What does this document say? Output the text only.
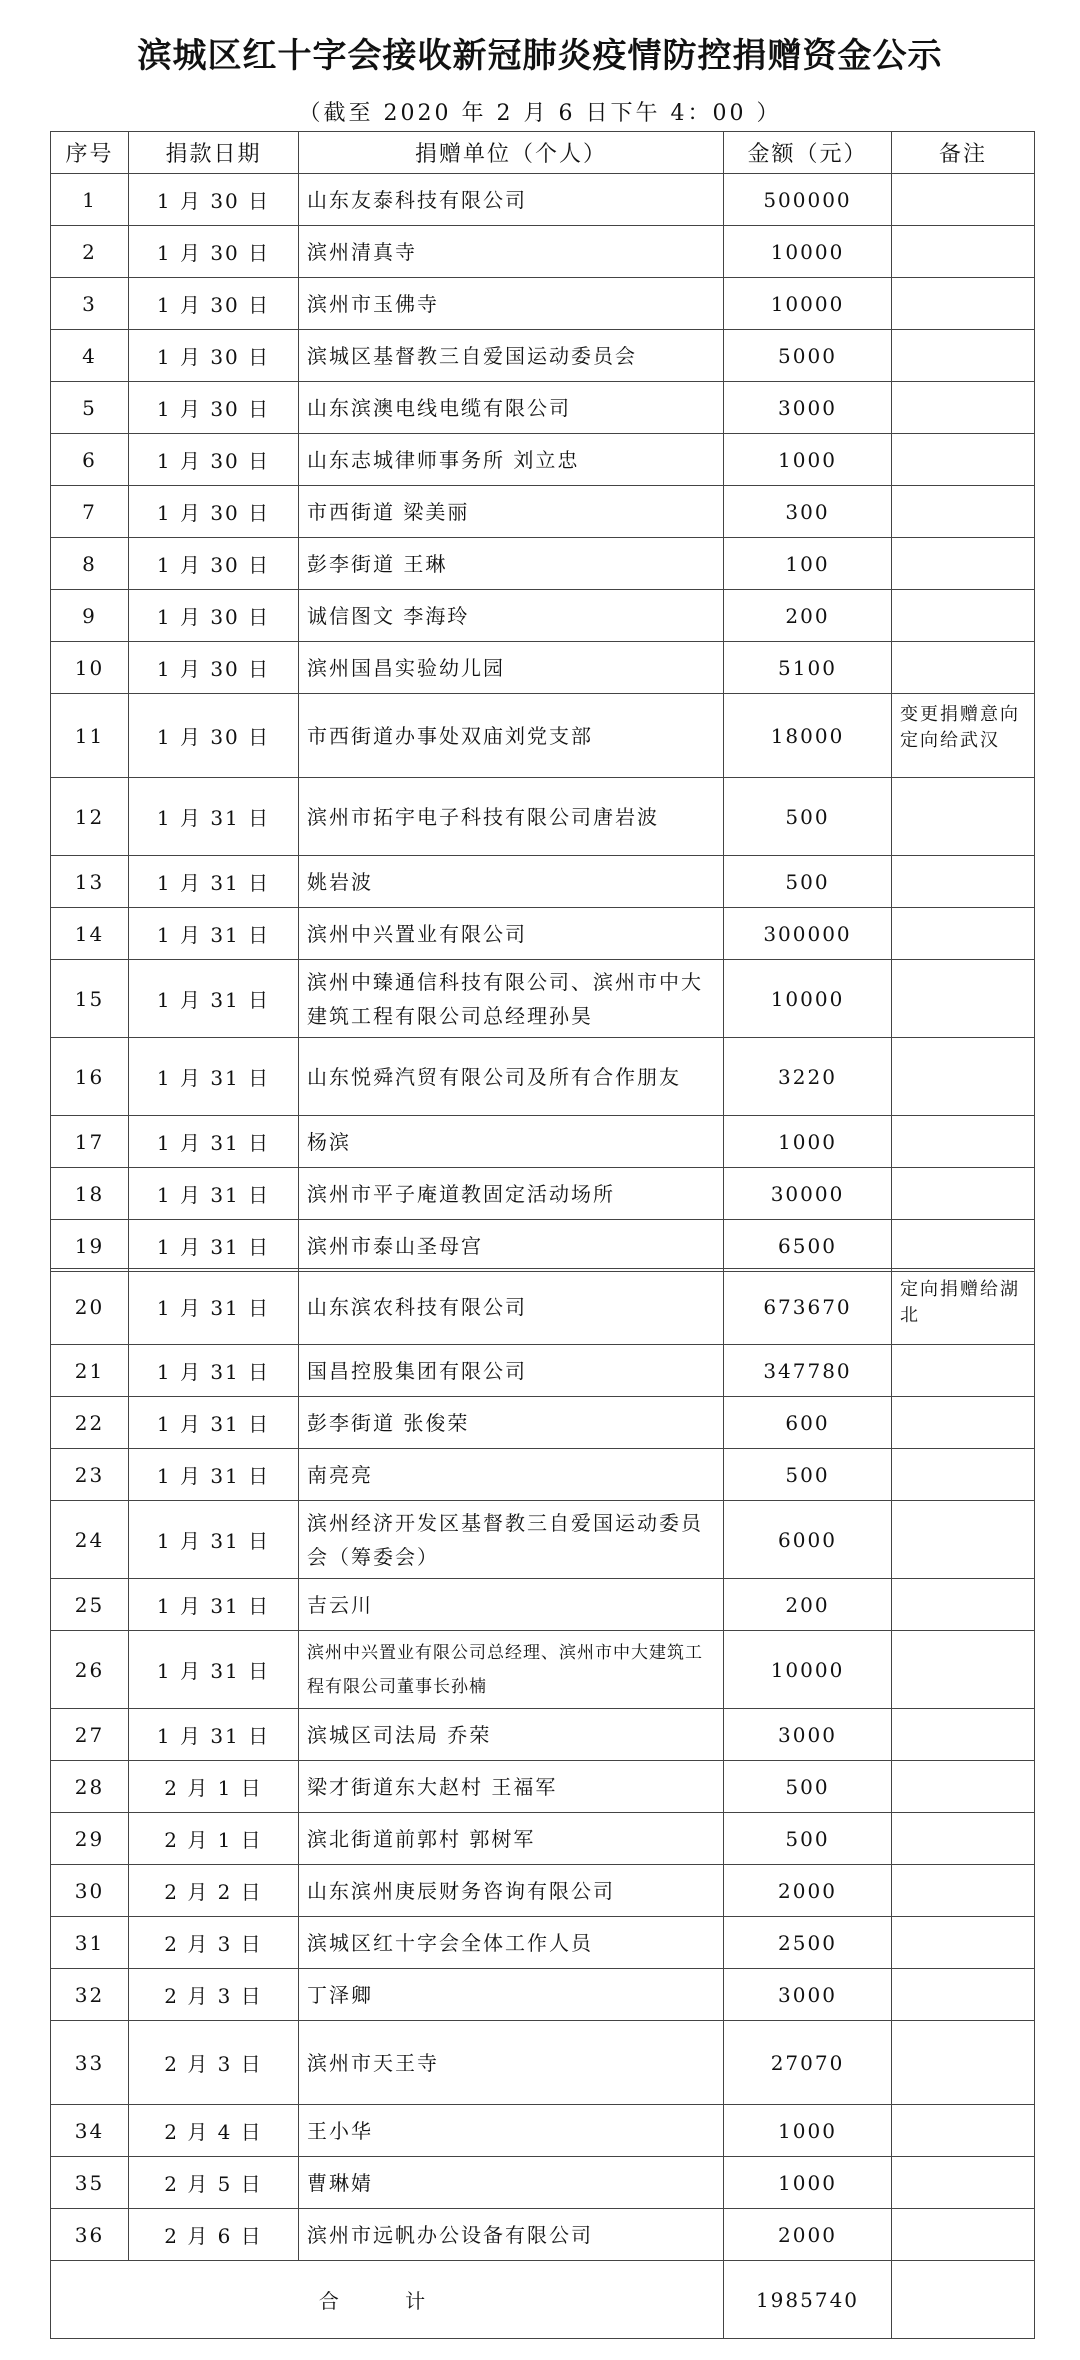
滨城区红十字会接收新冠肺炎疫情防控捐赠资金公示
（截至 2020 年 2 月 6 日下午 4：00 ）
序号	捐款日期	捐赠单位（个人）	金额（元）	备注
1	1 月 30 日	山东友泰科技有限公司	500000	
2	1 月 30 日	滨州清真寺	10000	
3	1 月 30 日	滨州市玉佛寺	10000	
4	1 月 30 日	滨城区基督教三自爱国运动委员会	5000	
5	1 月 30 日	山东滨澳电线电缆有限公司	3000	
6	1 月 30 日	山东志城律师事务所 刘立忠	1000	
7	1 月 30 日	市西街道 梁美丽	300	
8	1 月 30 日	彭李街道 王琳	100	
9	1 月 30 日	诚信图文 李海玲	200	
10	1 月 30 日	滨州国昌实验幼儿园	5100	
11	1 月 30 日	市西街道办事处双庙刘党支部	18000	变更捐赠意向定向给武汉
12	1 月 31 日	滨州市拓宇电子科技有限公司唐岩波	500	
13	1 月 31 日	姚岩波	500	
14	1 月 31 日	滨州中兴置业有限公司	300000	
15	1 月 31 日	滨州中臻通信科技有限公司、滨州市中大建筑工程有限公司总经理孙昊	10000	
16	1 月 31 日	山东悦舜汽贸有限公司及所有合作朋友	3220	
17	1 月 31 日	杨滨	1000	
18	1 月 31 日	滨州市平子庵道教固定活动场所	30000	
19	1 月 31 日	滨州市泰山圣母宫	6500	
20	1 月 31 日	山东滨农科技有限公司	673670	定向捐赠给湖北
21	1 月 31 日	国昌控股集团有限公司	347780	
22	1 月 31 日	彭李街道 张俊荣	600	
23	1 月 31 日	南亮亮	500	
24	1 月 31 日	滨州经济开发区基督教三自爱国运动委员会（筹委会）	6000	
25	1 月 31 日	吉云川	200	
26	1 月 31 日	滨州中兴置业有限公司总经理、滨州市中大建筑工程有限公司董事长孙楠	10000	
27	1 月 31 日	滨城区司法局 乔荣	3000	
28	2 月 1 日	梁才街道东大赵村 王福军	500	
29	2 月 1 日	滨北街道前郭村 郭树军	500	
30	2 月 2 日	山东滨州庚辰财务咨询有限公司	2000	
31	2 月 3 日	滨城区红十字会全体工作人员	2500	
32	2 月 3 日	丁泽卿	3000	
33	2 月 3 日	滨州市天王寺	27070	
34	2 月 4 日	王小华	1000	
35	2 月 5 日	曹琳婧	1000	
36	2 月 6 日	滨州市远帆办公设备有限公司	2000	
合 计			1985740	
